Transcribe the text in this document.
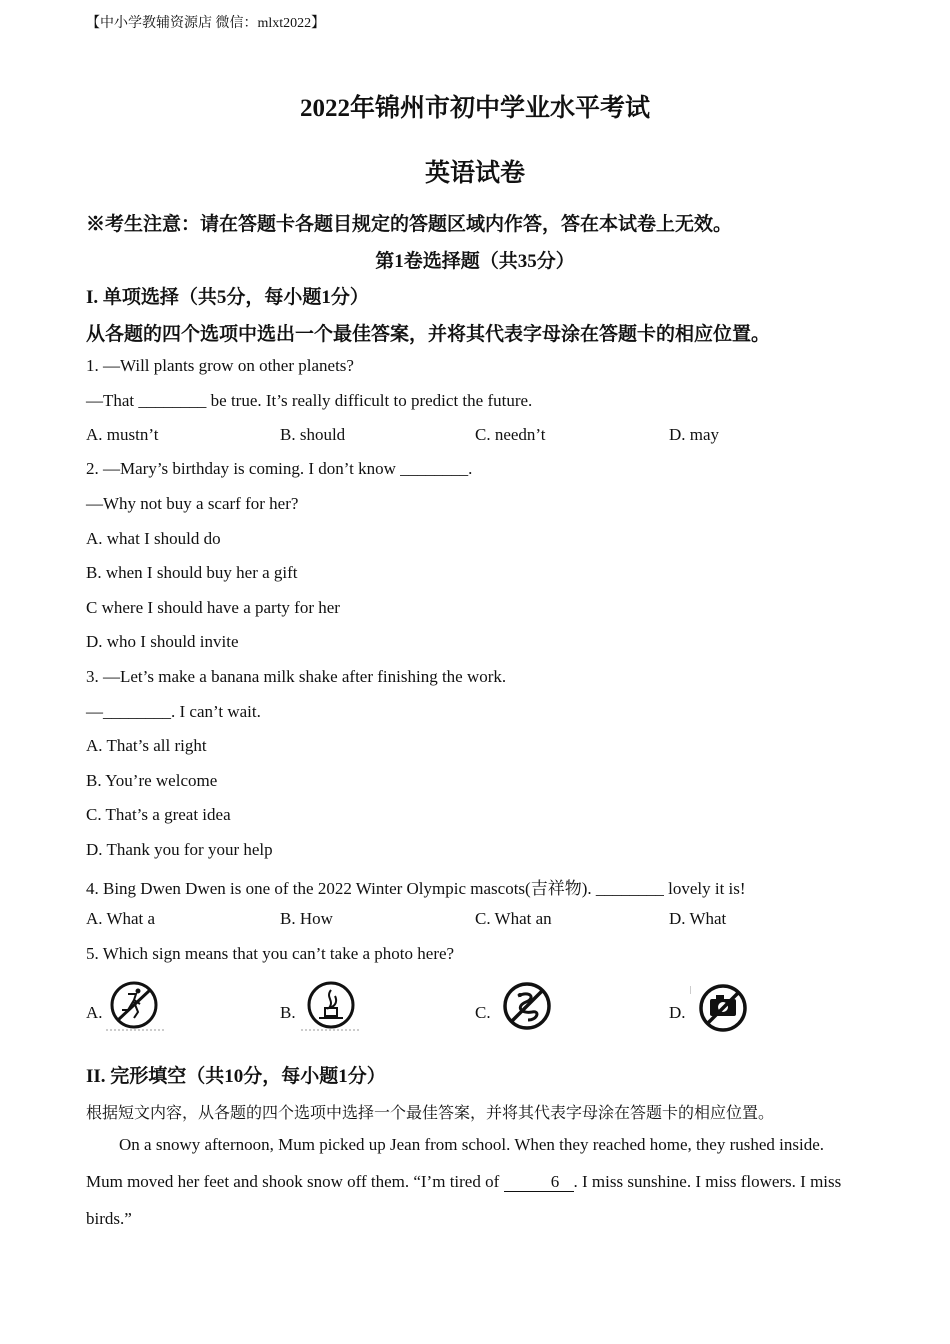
【中小学教辅资源店 微信：mlxt2022】
2022年锦州市初中学业水平考试
英语试卷
※考生注意：请在答题卡各题目规定的答题区域内作答，答在本试卷上无效。
第1卷选择题（共35分）
I. 单项选择（共5分，每小题1分）
从各题的四个选项中选出一个最佳答案，并将其代表字母涂在答题卡的相应位置。
1. —Will plants grow on other planets?
—That ________ be true. It’s really difficult to predict the future.
A. mustn’t	B. should	C. needn’t	D. may
2. —Mary’s birthday is coming. I don’t know ________.
—Why not buy a scarf for her?
A. what I should do
B. when I should buy her a gift
C where I should have a party for her
D. who I should invite
3. —Let’s make a banana milk shake after finishing the work.
—________. I can’t wait.
A. That’s all right
B. You’re welcome
C. That’s a great idea
D. Thank you for your help
4. Bing Dwen Dwen is one of the 2022 Winter Olympic mascots(吉祥物). ________ lovely it is!
A. What a	B. How	C. What an	D. What
5. Which sign means that you can’t take a photo here?
A.	B.	C.	D.
II. 完形填空（共10分，每小题1分）
根据短文内容，从各题的四个选项中选择一个最佳答案，并将其代表字母涂在答题卡的相应位置。
On a snowy afternoon, Mum picked up Jean from school. When they reached home, they rushed inside. Mum moved her feet and shook snow off them. “I’m tired of	6 . I miss sunshine. I miss flowers. I miss birds.”
